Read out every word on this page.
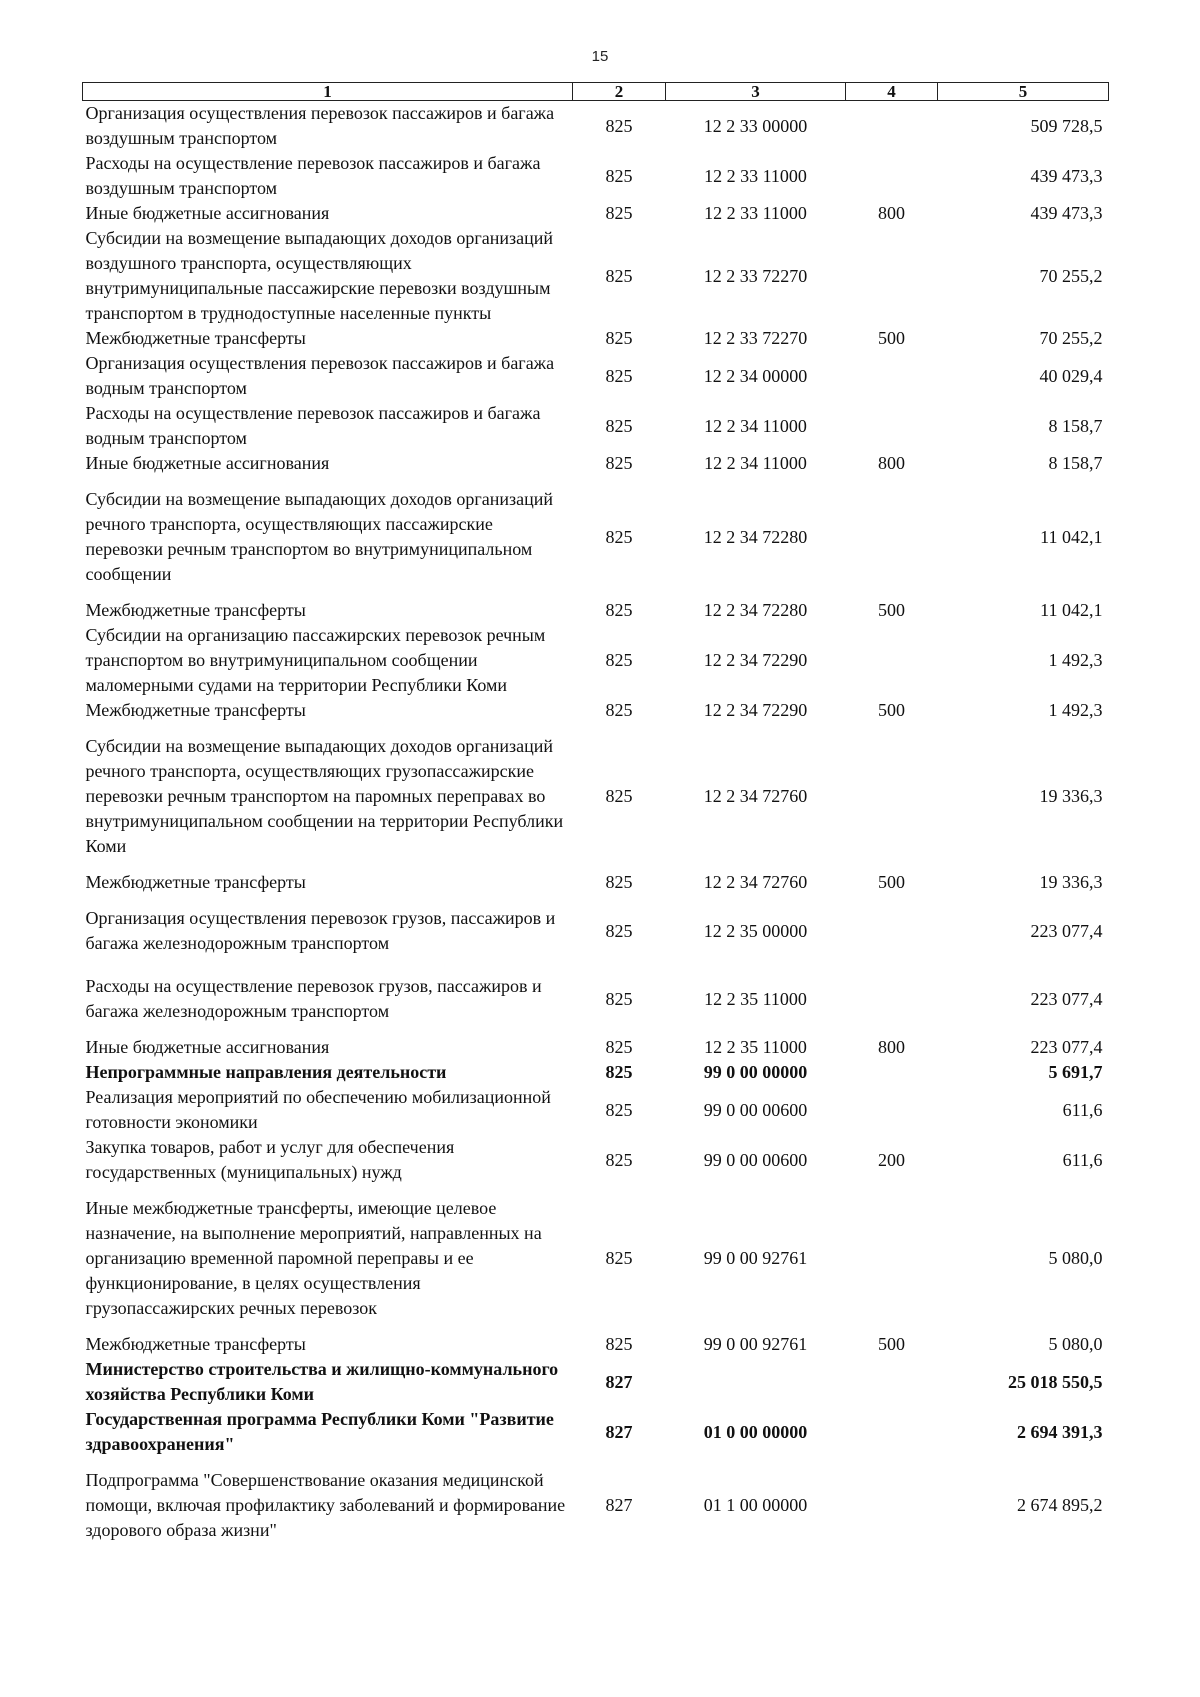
15
1	2	3	4	5
Организация осуществления перевозок пассажиров и багажа воздушным транспортом	825	12 2 33 00000		509 728,5
Расходы на осуществление перевозок пассажиров и багажа воздушным транспортом	825	12 2 33 11000		439 473,3
Иные бюджетные ассигнования	825	12 2 33 11000	800	439 473,3
Субсидии на возмещение выпадающих доходов организаций воздушного транспорта, осуществляющих внутримуниципальные пассажирские перевозки воздушным транспортом в труднодоступные населенные пункты	825	12 2 33 72270		70 255,2
Межбюджетные трансферты	825	12 2 33 72270	500	70 255,2
Организация осуществления перевозок пассажиров и багажа водным транспортом	825	12 2 34 00000		40 029,4
Расходы на осуществление перевозок пассажиров и багажа водным транспортом	825	12 2 34 11000		8 158,7
Иные бюджетные ассигнования	825	12 2 34 11000	800	8 158,7
Субсидии на возмещение выпадающих доходов организаций речного транспорта, осуществляющих пассажирские перевозки речным транспортом во внутримуниципальном сообщении	825	12 2 34 72280		11 042,1
Межбюджетные трансферты	825	12 2 34 72280	500	11 042,1
Субсидии на организацию пассажирских перевозок речным транспортом во внутримуниципальном сообщении маломерными судами на территории Республики Коми	825	12 2 34 72290		1 492,3
Межбюджетные трансферты	825	12 2 34 72290	500	1 492,3
Субсидии на возмещение выпадающих доходов организаций речного транспорта, осуществляющих грузопассажирские перевозки речным транспортом на паромных переправах во внутримуниципальном сообщении на территории Республики Коми	825	12 2 34 72760		19 336,3
Межбюджетные трансферты	825	12 2 34 72760	500	19 336,3
Организация осуществления перевозок грузов, пассажиров и багажа железнодорожным транспортом	825	12 2 35 00000		223 077,4
Расходы на осуществление перевозок грузов, пассажиров и багажа железнодорожным транспортом	825	12 2 35 11000		223 077,4
Иные бюджетные ассигнования	825	12 2 35 11000	800	223 077,4
Непрограммные направления деятельности	825	99 0 00 00000		5 691,7
Реализация мероприятий по обеспечению мобилизационной готовности экономики	825	99 0 00 00600		611,6
Закупка товаров, работ и услуг для обеспечения государственных (муниципальных) нужд	825	99 0 00 00600	200	611,6
Иные межбюджетные трансферты, имеющие целевое назначение, на выполнение мероприятий, направленных на организацию временной паромной переправы и ее функционирование, в целях осуществления грузопассажирских речных перевозок	825	99 0 00 92761		5 080,0
Межбюджетные трансферты	825	99 0 00 92761	500	5 080,0
Министерство строительства и жилищно-коммунального хозяйства Республики Коми	827			25 018 550,5
Государственная программа Республики Коми "Развитие здравоохранения"	827	01 0 00 00000		2 694 391,3
Подпрограмма "Совершенствование оказания медицинской помощи, включая профилактику заболеваний и формирование здорового образа жизни"	827	01 1 00 00000		2 674 895,2
